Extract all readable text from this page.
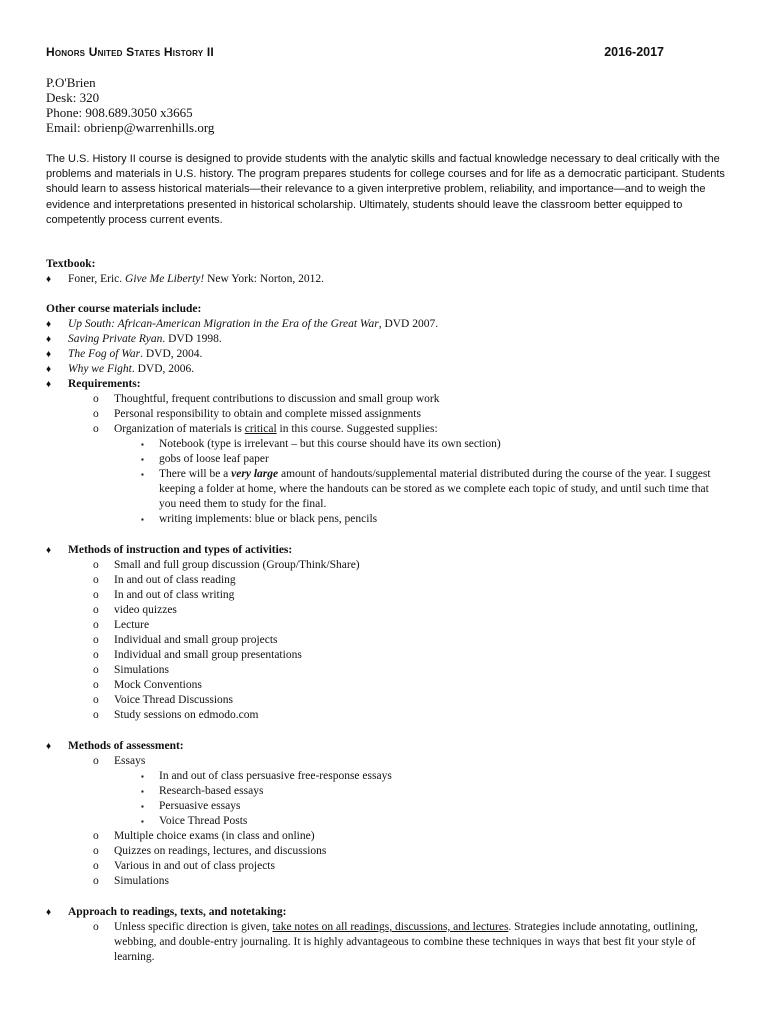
Honors United States History II	2016-2017
P.O'Brien
Desk: 320
Phone: 908.689.3050 x3665
Email: obrienp@warrenhills.org
The U.S. History II course is designed to provide students with the analytic skills and factual knowledge necessary to deal critically with the problems and materials in U.S. history. The program prepares students for college courses and for life as a democratic participant. Students should learn to assess historical materials—their relevance to a given interpretive problem, reliability, and importance—and to weigh the evidence and interpretations presented in historical scholarship. Ultimately, students should leave the classroom better equipped to competently process current events.
Textbook:
♦ Foner, Eric. Give Me Liberty! New York: Norton, 2012.
Other course materials include:
♦ Up South: African-American Migration in the Era of the Great War, DVD 2007.
♦ Saving Private Ryan. DVD 1998.
♦ The Fog of War. DVD, 2004.
♦ Why we Fight. DVD, 2006.
♦ Requirements:
o Thoughtful, frequent contributions to discussion and small group work
o Personal responsibility to obtain and complete missed assignments
o Organization of materials is critical in this course. Suggested supplies:
▪ Notebook (type is irrelevant – but this course should have its own section)
▪ gobs of loose leaf paper
▪ There will be a very large amount of handouts/supplemental material distributed during the course of the year. I suggest keeping a folder at home, where the handouts can be stored as we complete each topic of study, and until such time that you need them to study for the final.
▪ writing implements: blue or black pens, pencils
♦ Methods of instruction and types of activities:
o Small and full group discussion (Group/Think/Share)
o In and out of class reading
o In and out of class writing
o video quizzes
o Lecture
o Individual and small group projects
o Individual and small group presentations
o Simulations
o Mock Conventions
o Voice Thread Discussions
o Study sessions on edmodo.com
♦ Methods of assessment:
o Essays
▪ In and out of class persuasive free-response essays
▪ Research-based essays
▪ Persuasive essays
▪ Voice Thread Posts
o Multiple choice exams (in class and online)
o Quizzes on readings, lectures, and discussions
o Various in and out of class projects
o Simulations
♦ Approach to readings, texts, and notetaking:
o Unless specific direction is given, take notes on all readings, discussions, and lectures. Strategies include annotating, outlining, webbing, and double-entry journaling. It is highly advantageous to combine these techniques in ways that best fit your style of learning.
